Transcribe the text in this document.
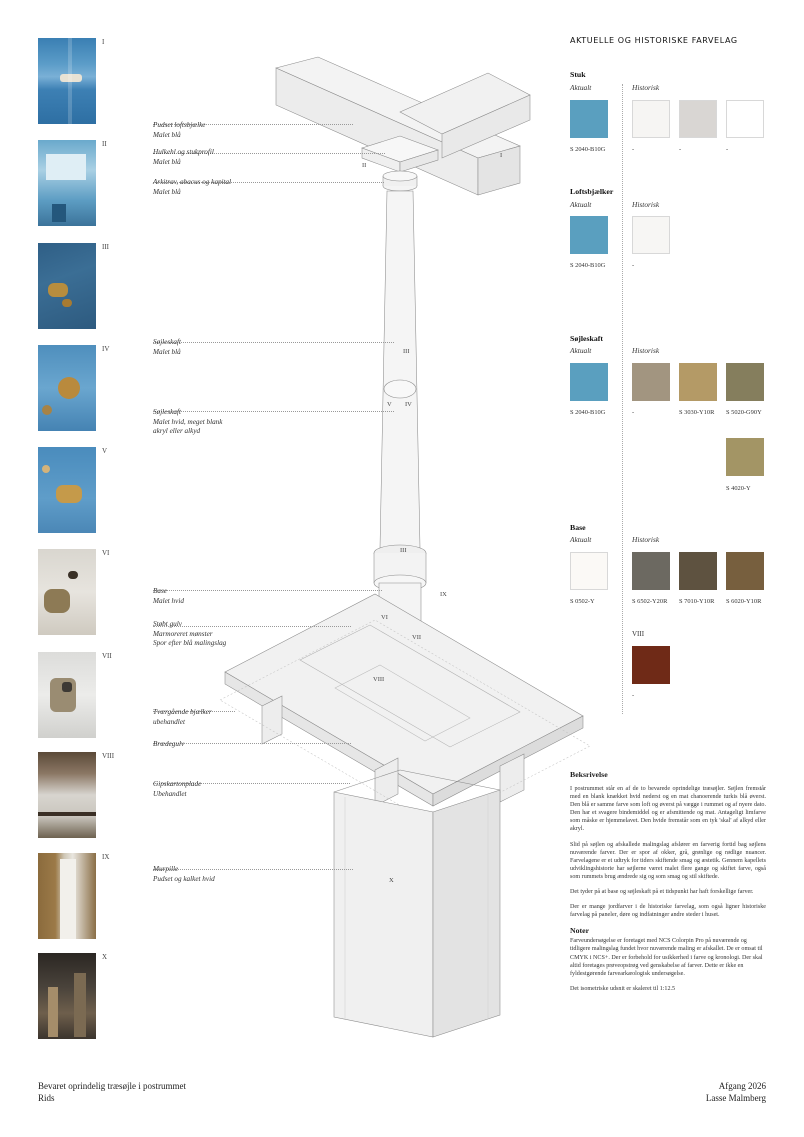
I
II
III
IV
V
VI
VII
VIII
IX
X
Pudset loftsbjælke
Malet blå
Hulkehl og stukprofil
Malet blå
Arkitrav, abacus og kapital
Malet blå
Søjleskaft
Malet blå
Søjleskaft
Malet hvid, meget blank
akryl eller alkyd
Base
Malet hvid
Støbt gulv
Marmoreret mønster
Spor efter blå malingslag
Tværgående bjælker
ubehandlet
Brædegulv
Gipskartonplade
Ubehandlet
Murpille
Pudset og kalket hvid
I
II
III
V IV
III
VI
VII
VIII
IX
X
AKTUELLE OG HISTORISKE FARVELAG
Stuk
Aktualt	Historisk
S 2040-B10G	-	-	-
Loftsbjælker
Aktualt	Historisk
S 2040-B10G	-
Søjleskaft
Aktualt	Historisk
S 2040-B10G	-	S 3030-Y10R S 5020-G90Y
S 4020-Y
Base
Aktualt	Historisk
S 0502-Y	S 6502-Y20R S 7010-Y10R S 6020-Y10R
VIII
-
Beksrivelse

I postrummet står en af de to bevarede oprindelige træsøjler. Søjlen fremstår med en blank knækket hvid nederst og en mat chanoerende turkis blå øverst. Den blå er samme farve som loft og øverst på vægge i rummet og af nyere dato. Den har et svagere bindemiddel og er afsmittende og mat. Antageligt limfarve som måske er hjemmelavet. Den hvide fremstår som en tyk 'skal' af alkyd eller akryl.

Slid på søjlen og afskallede malingslag afslører en farverig fortid bag søjlens nuværende farver. Der er spor af okker, grå, grønlige og rødlige nuancer. Farvelagene er et udtryk for tiders skiftende smag og æstetik. Gennem kapellets udviklingshistorie har søjlerne været malet flere gange og skiftet farve, også som rummets brug ændrede sig og som smag og stil skiftede.

Det tyder på at base og søjleskaft på et tidspunkt har haft forskellige farver.

Der er mange jordfarver i de historiske farvelag, som også ligner historiske farvelag på paneler, døre og indfatninger andre steder i huset.

Noter

Farveundersøgelse er foretaget med NCS Colorpin Pro på nuværende og tidligere malingslag fundet hvor nuværende maling er afskallet. De er omsat til CMYK i NCS+. Der er forbehold for usikkerhed i farve og kronologi. Der skal altid foretages prøveopstrøg ved genskabelse af farver. Dette er ikke en fyldestgørende farvearkæologisk undersøgelse.

Det isometriske udsnit er skaleret til 1:12.5

Bevaret oprindelig træsøjle i postrummet
Rids
Afgang 2026
Lasse Malmberg
